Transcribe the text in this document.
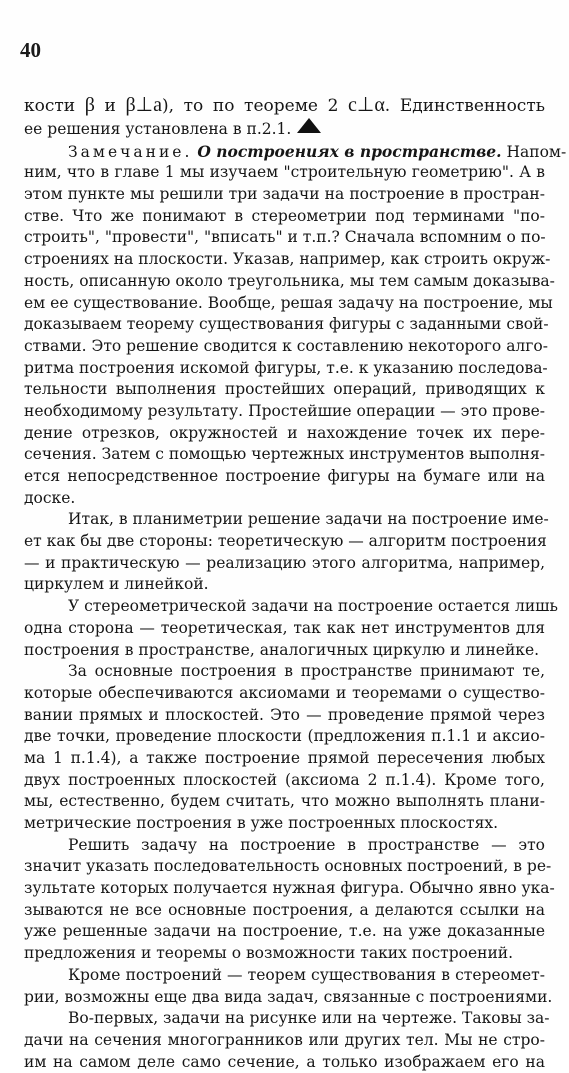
40
кости β и β⊥a), то по теореме 2 c⊥α. Единственность
ее решения установлена в п.2.1.
Замечание. О построениях в пространстве. Напом-
ним, что в главе 1 мы изучаем "строительную геометрию". А в
этом пункте мы решили три задачи на построение в простран-
стве. Что же понимают в стереометрии под терминами "по-
строить", "провести", "вписать" и т.п.? Сначала вспомним о по-
строениях на плоскости. Указав, например, как строить окруж-
ность, описанную около треугольника, мы тем самым доказыва-
ем ее существование. Вообще, решая задачу на построение, мы
доказываем теорему существования фигуры с заданными свой-
ствами. Это решение сводится к составлению некоторого алго-
ритма построения искомой фигуры, т.е. к указанию последова-
тельности выполнения простейших операций, приводящих к
необходимому результату. Простейшие операции — это прове-
дение отрезков, окружностей и нахождение точек их пере-
сечения. Затем с помощью чертежных инструментов выполня-
ется непосредственное построение фигуры на бумаге или на
доске.
Итак, в планиметрии решение задачи на построение име-
ет как бы две стороны: теоретическую — алгоритм построения
— и практическую — реализацию этого алгоритма, например,
циркулем и линейкой.
У стереометрической задачи на построение остается лишь
одна сторона — теоретическая, так как нет инструментов для
построения в пространстве, аналогичных циркулю и линейке.
За основные построения в пространстве принимают те,
которые обеспечиваются аксиомами и теоремами о существо-
вании прямых и плоскостей. Это — проведение прямой через
две точки, проведение плоскости (предложения п.1.1 и аксио-
ма 1 п.1.4), а также построение прямой пересечения любых
двух построенных плоскостей (аксиома 2 п.1.4). Кроме того,
мы, естественно, будем считать, что можно выполнять плани-
метрические построения в уже построенных плоскостях.
Решить задачу на построение в пространстве — это
значит указать последовательность основных построений, в ре-
зультате которых получается нужная фигура. Обычно явно ука-
зываются не все основные построения, а делаются ссылки на
уже решенные задачи на построение, т.е. на уже доказанные
предложения и теоремы о возможности таких построений.
Кроме построений — теорем существования в стереомет-
рии, возможны еще два вида задач, связанные с построениями.
Во-первых, задачи на рисунке или на чертеже. Таковы за-
дачи на сечения многогранников или других тел. Мы не стро-
им на самом деле само сечение, а только изображаем его на
